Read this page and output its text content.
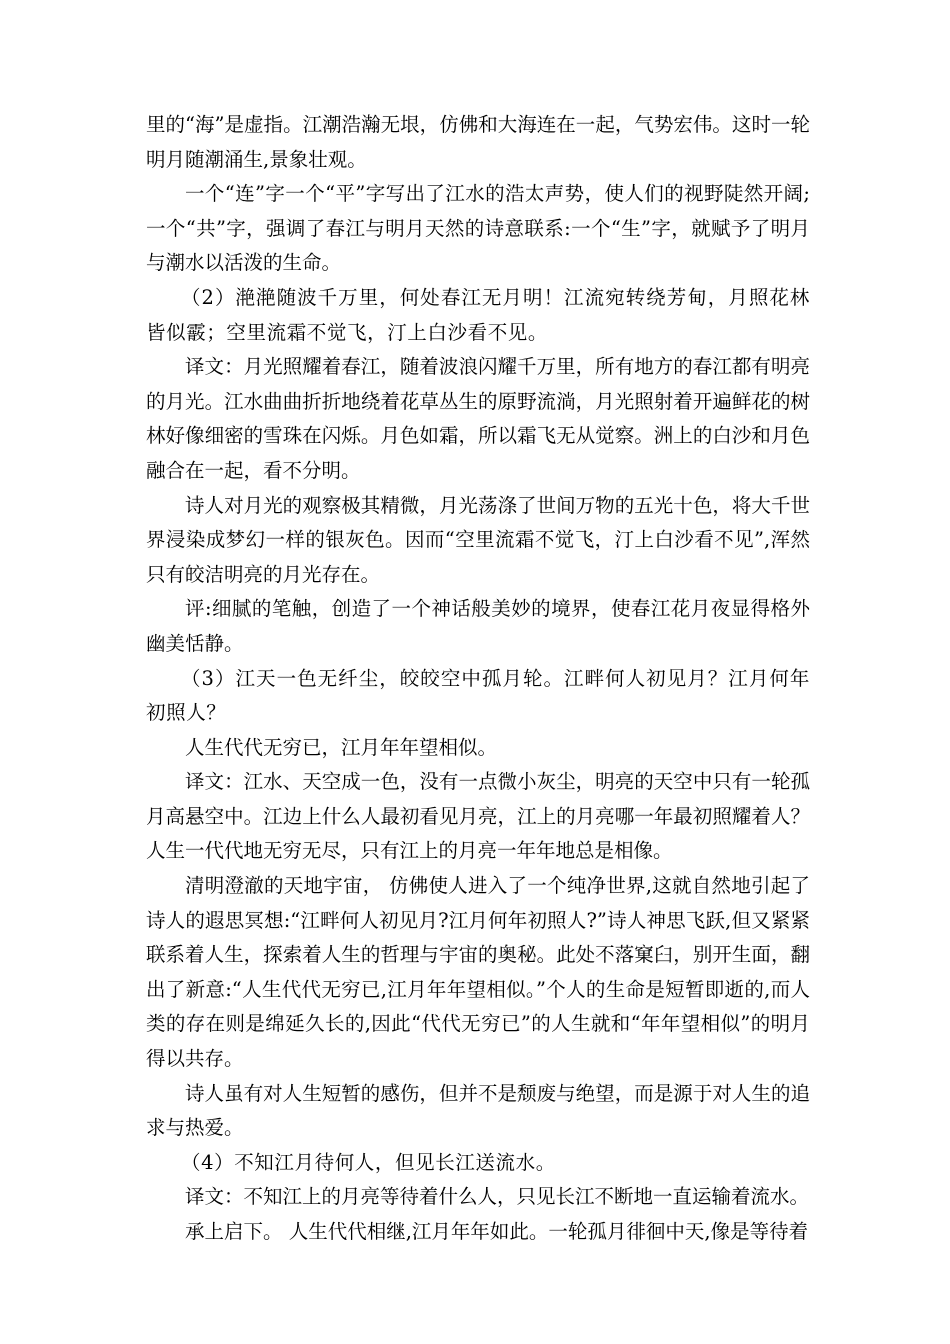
里的“海”是虚指。江潮浩瀚无垠，仿佛和大海连在一起，气势宏伟。这时一轮明月随潮涌生,景象壮观。

一个“连”字一个“平”字写出了江水的浩太声势，使人们的视野陡然开阔;一个“共”字，强调了春江与明月天然的诗意联系:一个“生”字，就赋予了明月与潮水以活泼的生命。

（2）滟滟随波千万里，何处春江无月明！江流宛转绕芳甸，月照花林皆似霰；空里流霜不觉飞，汀上白沙看不见。

译文：月光照耀着春江，随着波浪闪耀千万里，所有地方的春江都有明亮的月光。江水曲曲折折地绕着花草丛生的原野流淌，月光照射着开遍鲜花的树林好像细密的雪珠在闪烁。月色如霜，所以霜飞无从觉察。洲上的白沙和月色融合在一起，看不分明。

诗人对月光的观察极其精微，月光荡涤了世间万物的五光十色，将大千世界浸染成梦幻一样的银灰色。因而“空里流霜不觉飞，汀上白沙看不见”,浑然只有皎洁明亮的月光存在。

评:细腻的笔触，创造了一个神话般美妙的境界，使春江花月夜显得格外幽美恬静。

（3）江天一色无纤尘，皎皎空中孤月轮。江畔何人初见月？江月何年初照人？

人生代代无穷已，江月年年望相似。

译文：江水、天空成一色，没有一点微小灰尘，明亮的天空中只有一轮孤月高悬空中。江边上什么人最初看见月亮，江上的月亮哪一年最初照耀着人？人生一代代地无穷无尽，只有江上的月亮一年年地总是相像。

清明澄澈的天地宇宙， 仿佛使人进入了一个纯净世界,这就自然地引起了诗人的遐思冥想:“江畔何人初见月?江月何年初照人?”诗人神思飞跃,但又紧紧联系着人生，探索着人生的哲理与宇宙的奥秘。此处不落窠臼，别开生面，翻出了新意:“人生代代无穷已,江月年年望相似。”个人的生命是短暂即逝的,而人类的存在则是绵延久长的,因此“代代无穷已”的人生就和“年年望相似”的明月得以共存。

诗人虽有对人生短暂的感伤，但并不是颓废与绝望，而是源于对人生的追求与热爱。

（4）不知江月待何人，但见长江送流水。

译文：不知江上的月亮等待着什么人，只见长江不断地一直运输着流水。

承上启下。 人生代代相继,江月年年如此。一轮孤月徘徊中天,像是等待着
